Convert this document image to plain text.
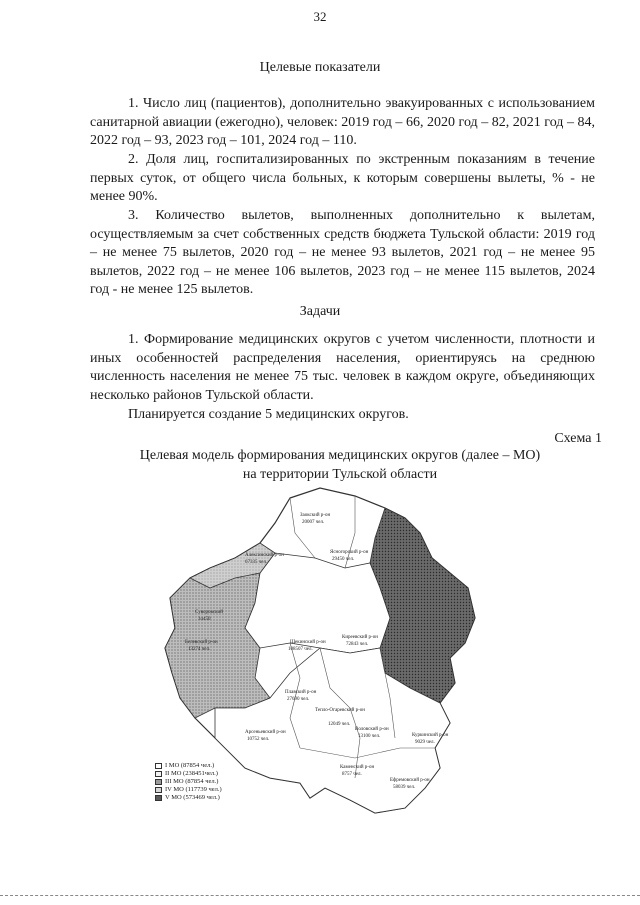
32
Целевые показатели

1. Число лиц (пациентов), дополнительно эвакуированных с использованием санитарной авиации (ежегодно), человек: 2019 год – 66, 2020 год – 82, 2021 год – 84, 2022 год – 93, 2023 год – 101, 2024 год – 110.

2. Доля лиц, госпитализированных по экстренным показаниям в течение первых суток, от общего числа больных, к которым совершены вылеты, % - не менее 90%.

3. Количество вылетов, выполненных дополнительно к вылетам, осуществляемым за счет собственных средств бюджета Тульской области: 2019 год – не менее 75 вылетов, 2020 год – не менее 93 вылетов, 2021 год – не менее 95 вылетов, 2022 год – не менее 106 вылетов, 2023 год – не менее 115 вылетов, 2024 год - не менее 125 вылетов.

Задачи

1. Формирование медицинских округов с учетом численности, плотности и иных особенностей распределения населения, ориентируясь на среднюю численность населения не менее 75 тыс. человек в каждом округе, объединяющих несколько районов Тульской области.

Планируется создание 5 медицинских округов.

Схема 1
Целевая модель формирования медицинских округов (далее – МО)
на территории Тульской области
Заокский р-он
20007 чел.
Алексинский р-он
67335 чел.
Ясногорский р-он
29450 чел.
Суворовский
34450
Щекинский р-он
108507 чел.
Киреевский р-он
72843 чел.
Белевский р-он
13274 чел.
Плавский р-он
27690 чел.
Тепло-Огаревский р-он
12049 чел.
Арсеньевский р-он
10752 чел.
Воловский р-он
13100 чел.	Куркинский р-он
9029 чел.
Каменский р-он
8757 чел.
Ефремовский р-он
58039 чел.
I МО (87854 чел.)
II МО (238451чел.)
III МО (87854 чел.)
IV МО (117739 чел.)
V МО (573469 чел.)
